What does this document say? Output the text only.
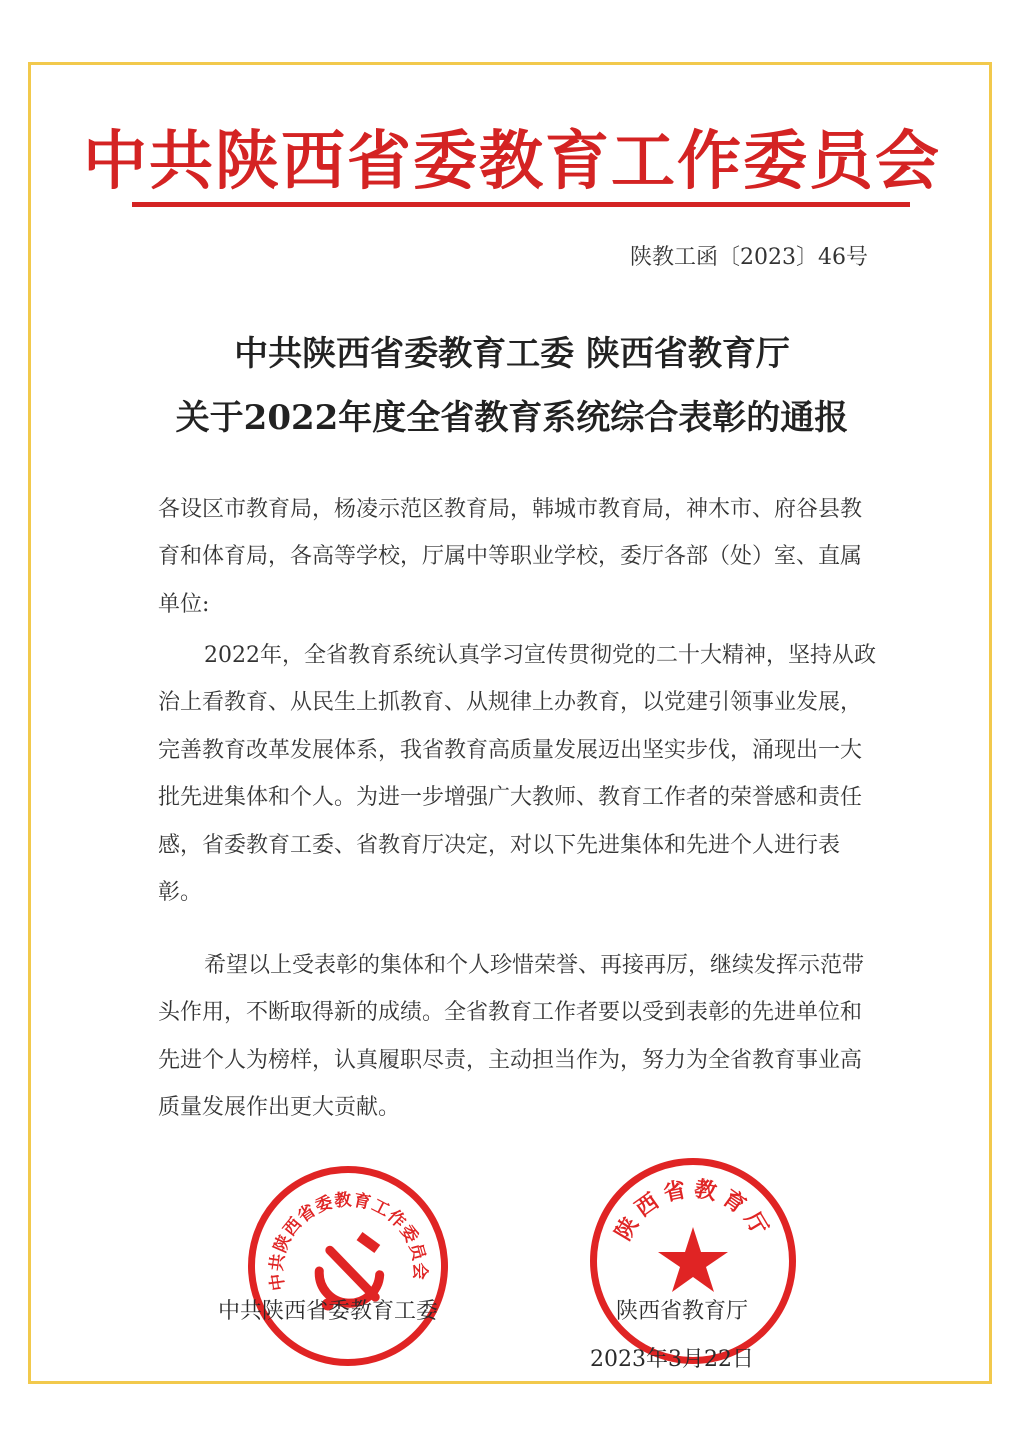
中共陕西省委教育工作委员会
陕教工函〔2023〕46号
中共陕西省委教育工委 陕西省教育厅
关于2022年度全省教育系统综合表彰的通报
各设区市教育局，杨凌示范区教育局，韩城市教育局，神木市、府谷县教育和体育局，各高等学校，厅属中等职业学校，委厅各部（处）室、直属单位:
2022年，全省教育系统认真学习宣传贯彻党的二十大精神，坚持从政治上看教育、从民生上抓教育、从规律上办教育，以党建引领事业发展，完善教育改革发展体系，我省教育高质量发展迈出坚实步伐，涌现出一大批先进集体和个人。为进一步增强广大教师、教育工作者的荣誉感和责任感，省委教育工委、省教育厅决定，对以下先进集体和先进个人进行表彰。
希望以上受表彰的集体和个人珍惜荣誉、再接再厉，继续发挥示范带头作用，不断取得新的成绩。全省教育工作者要以受到表彰的先进单位和先进个人为榜样，认真履职尽责，主动担当作为，努力为全省教育事业高质量发展作出更大贡献。
中共陕西省委教育工作委员会
陕西省教育厅
中共陕西省委教育工委	陕西省教育厅
2023年3月22日
